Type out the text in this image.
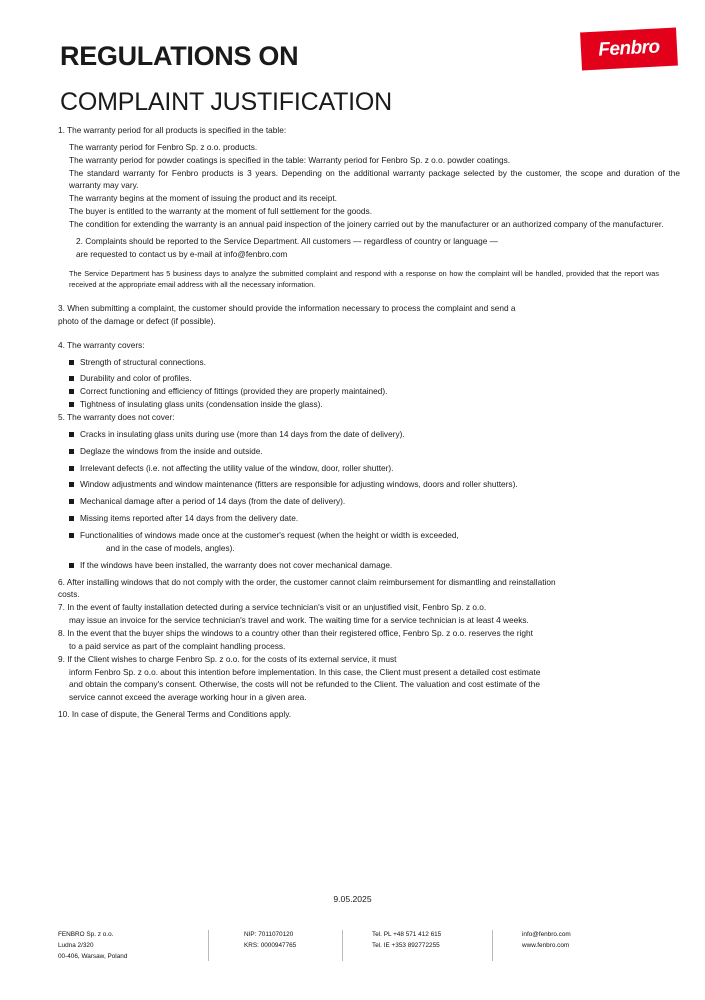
Fenbro
REGULATIONS ON
COMPLAINT JUSTIFICATION

1. The warranty period for all products is specified in the table:

The warranty period for Fenbro Sp. z o.o. products.

The warranty period for powder coatings is specified in the table: Warranty period for Fenbro Sp. z o.o. powder coatings.

The standard warranty for Fenbro products is 3 years. Depending on the additional warranty package selected by the customer, the scope and duration of the warranty may vary.

The warranty begins at the moment of issuing the product and its receipt.

The buyer is entitled to the warranty at the moment of full settlement for the goods.

The condition for extending the warranty is an annual paid inspection of the joinery carried out by the manufacturer or an authorized company of the manufacturer.

2. Complaints should be reported to the Service Department. All customers — regardless of country or language —

are requested to contact us by e-mail at info@fenbro.com

The Service Department has 5 business days to analyze the submitted complaint and respond with a response on how the complaint will be handled, provided that the report was received at the appropriate email address with all the necessary information.

3. When submitting a complaint, the customer should provide the information necessary to process the complaint and send a

photo of the damage or defect (if possible).

4. The warranty covers:

Strength of structural connections.
Durability and color of profiles.
Correct functioning and efficiency of fittings (provided they are properly maintained).
Tightness of insulating glass units (condensation inside the glass).

5. The warranty does not cover:

Cracks in insulating glass units during use (more than 14 days from the date of delivery).
Deglaze the windows from the inside and outside.
Irrelevant defects (i.e. not affecting the utility value of the window, door, roller shutter).
Window adjustments and window maintenance (fitters are responsible for adjusting windows, doors and roller shutters).
Mechanical damage after a period of 14 days (from the date of delivery).
Missing items reported after 14 days from the delivery date.
Functionalities of windows made once at the customer's request (when the height or width is exceeded,
and in the case of models, angles).
If the windows have been installed, the warranty does not cover mechanical damage.

6. After installing windows that do not comply with the order, the customer cannot claim reimbursement for dismantling and reinstallation

costs.

7. In the event of faulty installation detected during a service technician's visit or an unjustified visit, Fenbro Sp. z o.o.

may issue an invoice for the service technician's travel and work. The waiting time for a service technician is at least 4 weeks.

8. In the event that the buyer ships the windows to a country other than their registered office, Fenbro Sp. z o.o. reserves the right

to a paid service as part of the complaint handling process.

9. If the Client wishes to charge Fenbro Sp. z o.o. for the costs of its external service, it must

inform Fenbro Sp. z o.o. about this intention before implementation. In this case, the Client must present a detailed cost estimate

and obtain the company's consent. Otherwise, the costs will not be refunded to the Client. The valuation and cost estimate of the

service cannot exceed the average working hour in a given area.

10. In case of dispute, the General Terms and Conditions apply.

9.05.2025
FENBRO Sp. z o.o.
Ludna 2/320
00-406, Warsaw, Poland
NIP: 7011070120
KRS: 0000947765
Tel. PL +48 571 412 615
Tel. IE +353 892772255
info@fenbro.com
www.fenbro.com
